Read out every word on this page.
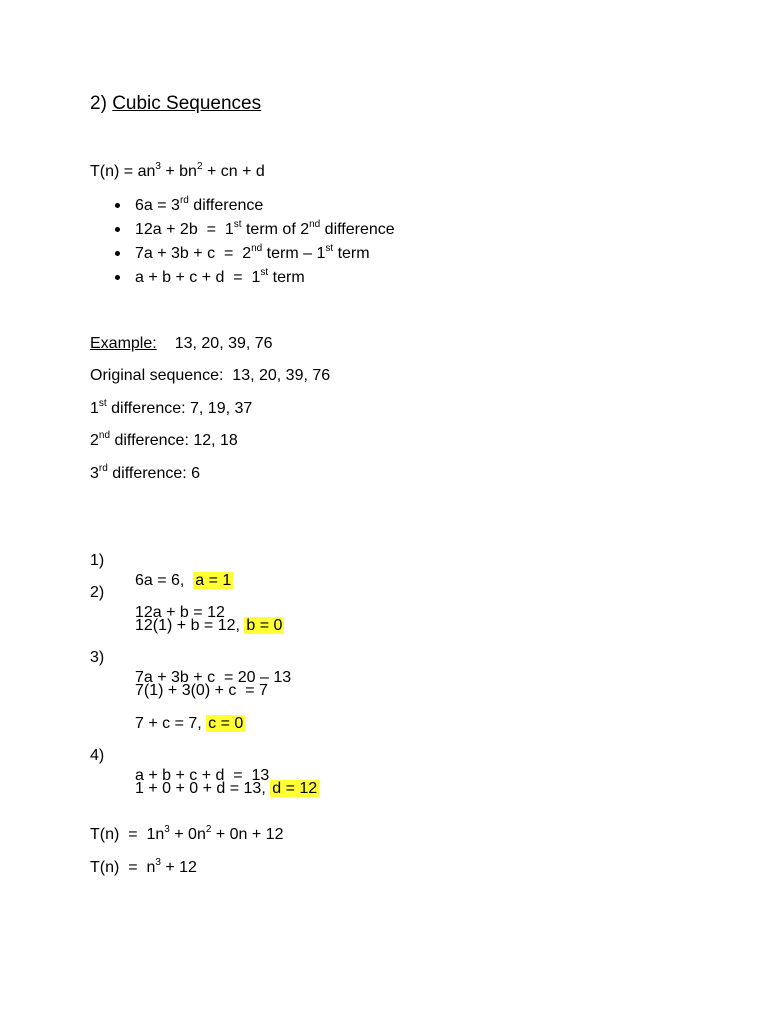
2) Cubic Sequences
$T(n) = an^3 + bn^2$ + cn + d
6a = 3rd difference
12a + 2b  =  1st term of 2nd difference
7a + 3b + c  =  2nd term – 1st term
a + b + c + d  =  1st term
Example: 13, 20, 39, 76
Original sequence:  13, 20, 39, 76
1st difference: 7, 19, 37
2nd difference: 12, 18
3rd difference: 6

1)

6a = 6,  a = 1

2)

12a + b = 12

12(1) + b = 12, b = 0

3)

7a + 3b + c  = 20 – 13

7(1) + 3(0) + c  = 7

7 + c = 7, c = 0

4)

a + b + c + d  =  13

1 + 0 + 0 + d = 13, d = 12

$T(n) = 1n^3 + 0n^2 + 0n + 12$
$T(n) = n^3 + 12$
